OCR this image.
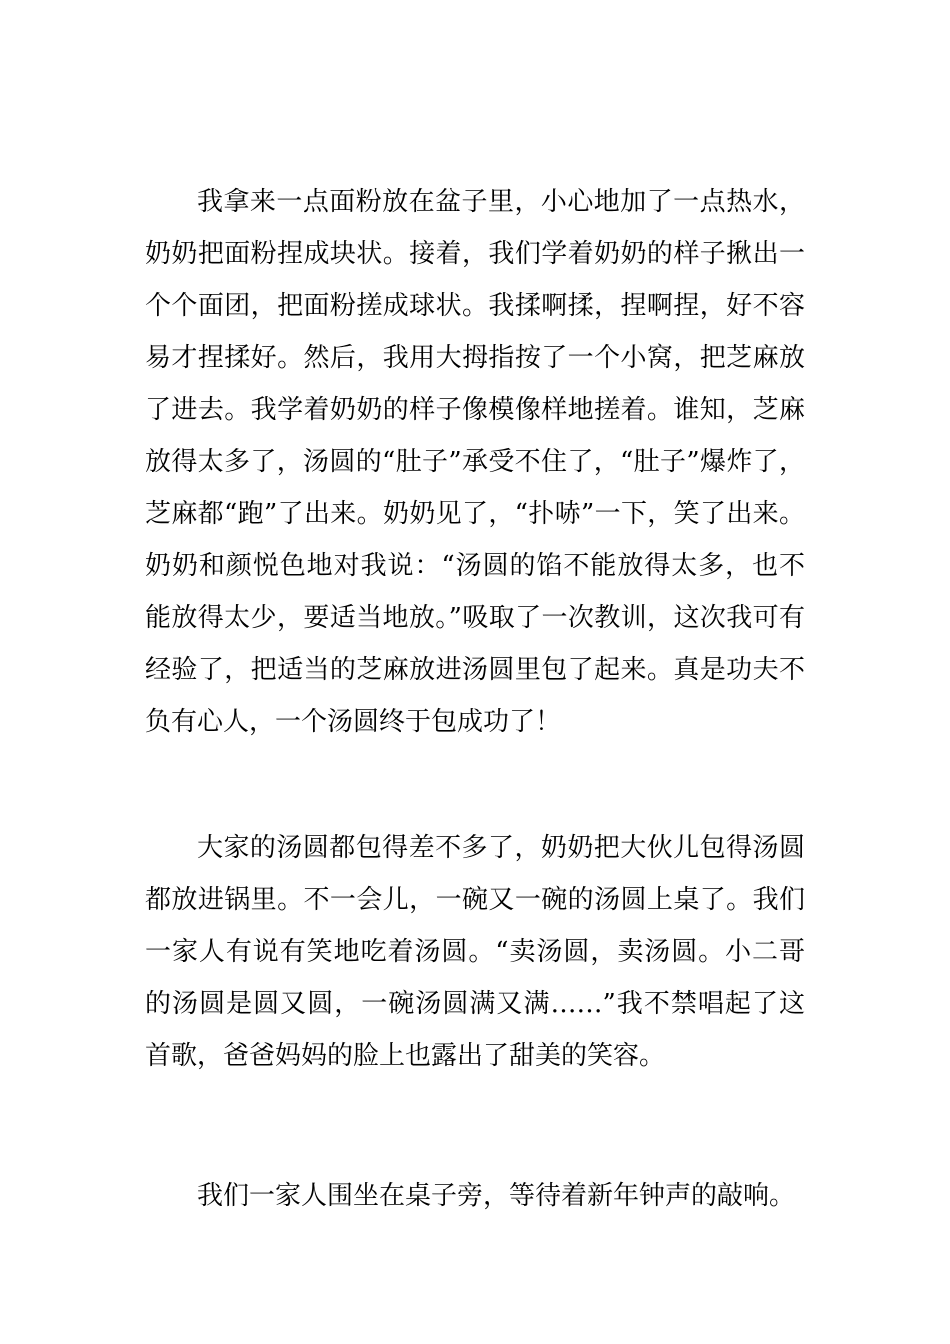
我拿来一点面粉放在盆子里，小心地加了一点热水，奶奶把面粉捏成块状。接着，我们学着奶奶的样子揪出一个个面团，把面粉搓成球状。我揉啊揉，捏啊捏，好不容易才捏揉好。然后，我用大拇指按了一个小窝，把芝麻放了进去。我学着奶奶的样子像模像样地搓着。谁知，芝麻放得太多了，汤圆的“肚子”承受不住了，“肚子”爆炸了，芝麻都“跑”了出来。奶奶见了，“扑哧”一下，笑了出来。奶奶和颜悦色地对我说：“汤圆的馅不能放得太多，也不能放得太少，要适当地放。”吸取了一次教训，这次我可有经验了，把适当的芝麻放进汤圆里包了起来。真是功夫不负有心人，一个汤圆终于包成功了！

大家的汤圆都包得差不多了，奶奶把大伙儿包得汤圆都放进锅里。不一会儿，一碗又一碗的汤圆上桌了。我们一家人有说有笑地吃着汤圆。“卖汤圆，卖汤圆。小二哥的汤圆是圆又圆，一碗汤圆满又满……”我不禁唱起了这首歌，爸爸妈妈的脸上也露出了甜美的笑容。

我们一家人围坐在桌子旁，等待着新年钟声的敲响。
